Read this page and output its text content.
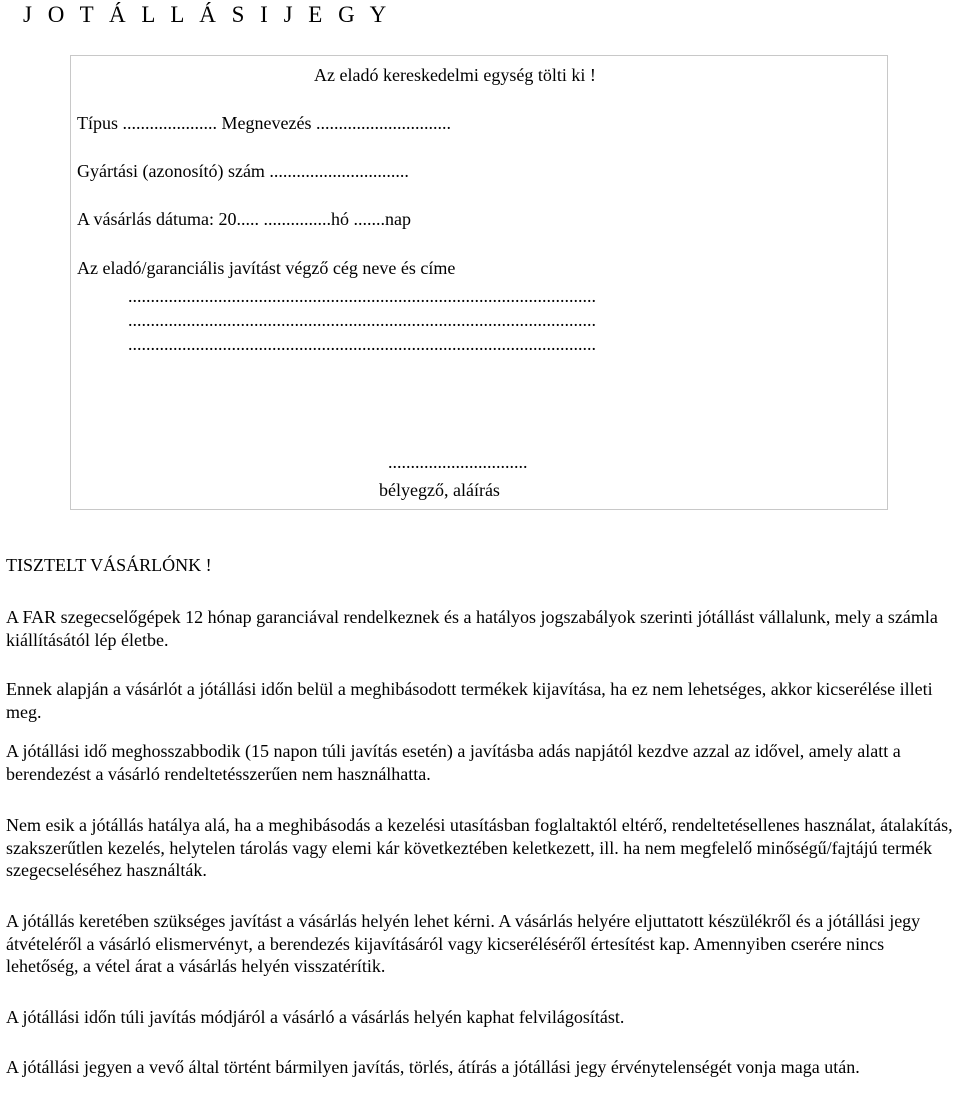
J O T Á L L Á S I J E G Y
Az eladó kereskedelmi egység tölti ki !
Típus ..................... Megnevezés ..............................
Gyártási (azonosító) szám ...............................
A vásárlás dátuma: 20..... ...............hó .......nap
Az eladó/garanciális javítást végző cég neve és címe
........................................................................................................
........................................................................................................
........................................................................................................
...............................
bélyegző, aláírás
TISZTELT VÁSÁRLÓNK !

A FAR szegecselőgépek 12 hónap garanciával rendelkeznek és a hatályos jogszabályok szerinti jótállást vállalunk, mely a számla kiállításától lép életbe.

Ennek alapján a vásárlót a jótállási időn belül a meghibásodott termékek kijavítása, ha ez nem lehetséges, akkor kicserélése illeti meg.

A jótállási idő meghosszabbodik (15 napon túli javítás esetén) a javításba adás napjától kezdve azzal az idővel, amely alatt a berendezést a vásárló rendeltetésszerűen nem használhatta.

Nem esik a jótállás hatálya alá, ha a meghibásodás a kezelési utasításban foglaltaktól eltérő, rendeltetésellenes használat, átalakítás, szakszerűtlen kezelés, helytelen tárolás vagy elemi kár következtében keletkezett, ill. ha nem megfelelő minőségű/fajtájú termék szegecseléséhez használták.

A jótállás keretében szükséges javítást a vásárlás helyén lehet kérni. A vásárlás helyére eljuttatott készülékről és a jótállási jegy átvételéről a vásárló elismervényt, a berendezés kijavításáról vagy kicseréléséről értesítést kap. Amennyiben cserére nincs lehetőség, a vétel árat a vásárlás helyén visszatérítik.

A jótállási időn túli javítás módjáról a vásárló a vásárlás helyén kaphat felvilágosítást.

A jótállási jegyen a vevő által történt bármilyen javítás, törlés, átírás a jótállási jegy érvénytelenségét vonja maga után.
